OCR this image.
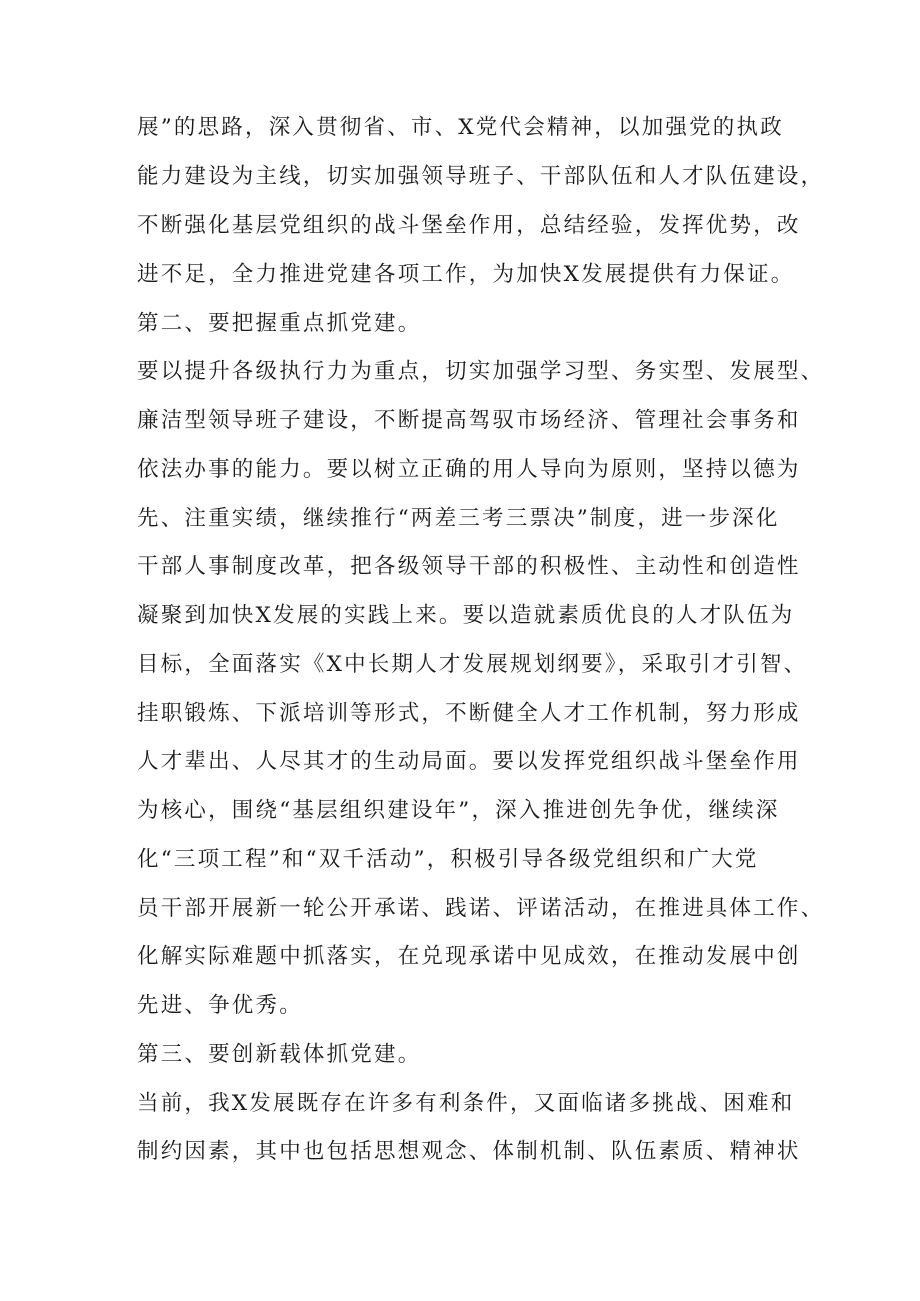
展”的思路，深入贯彻省、市、X党代会精神，以加强党的执政
能力建设为主线，切实加强领导班子、干部队伍和人才队伍建设，
不断强化基层党组织的战斗堡垒作用，总结经验，发挥优势，改
进不足，全力推进党建各项工作，为加快X发展提供有力保证。
第二、要把握重点抓党建。
要以提升各级执行力为重点，切实加强学习型、务实型、发展型、
廉洁型领导班子建设，不断提高驾驭市场经济、管理社会事务和
依法办事的能力。要以树立正确的用人导向为原则，坚持以德为
先、注重实绩，继续推行“两差三考三票决”制度，进一步深化
干部人事制度改革，把各级领导干部的积极性、主动性和创造性
凝聚到加快X发展的实践上来。要以造就素质优良的人才队伍为
目标，全面落实《X中长期人才发展规划纲要》，采取引才引智、
挂职锻炼、下派培训等形式，不断健全人才工作机制，努力形成
人才辈出、人尽其才的生动局面。要以发挥党组织战斗堡垒作用
为核心，围绕“基层组织建设年”，深入推进创先争优，继续深
化“三项工程”和“双千活动”，积极引导各级党组织和广大党
员干部开展新一轮公开承诺、践诺、评诺活动，在推进具体工作、
化解实际难题中抓落实，在兑现承诺中见成效，在推动发展中创
先进、争优秀。
第三、要创新载体抓党建。
当前，我X发展既存在许多有利条件，又面临诸多挑战、困难和
制约因素，其中也包括思想观念、体制机制、队伍素质、精神状
